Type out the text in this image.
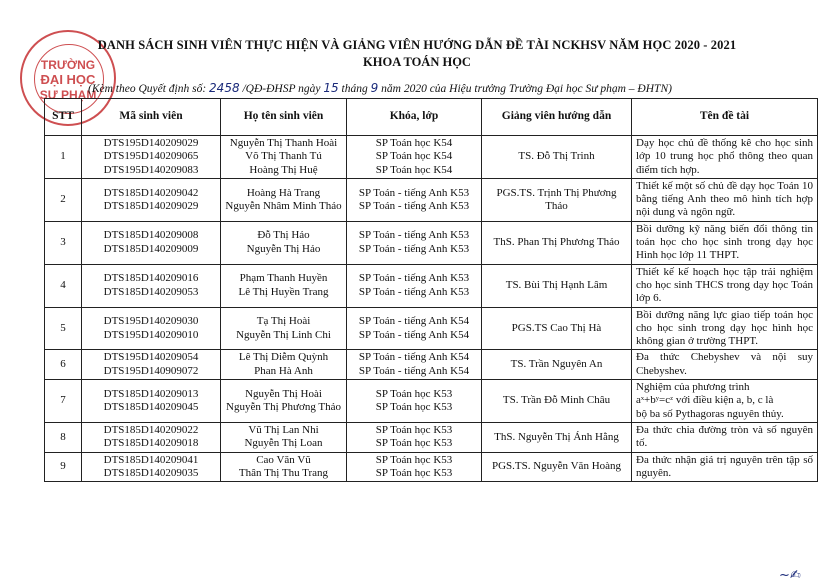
TRƯỜNG
ĐẠI HỌC
SƯ PHẠM
DANH SÁCH SINH VIÊN THỰC HIỆN VÀ GIẢNG VIÊN HƯỚNG DẪN ĐỀ TÀI NCKHSV NĂM HỌC 2020 - 2021
KHOA TOÁN HỌC
(Kèm theo Quyết định số: 2458 /QĐ-ĐHSP ngày 15 tháng 9 năm 2020 của Hiệu trưởng Trường Đại học Sư phạm – ĐHTN)
STT	Mã sinh viên	Họ tên sinh viên	Khóa, lớp	Giảng viên hướng dẫn	Tên đề tài
1	DTS195D140209029
DTS195D140209065
DTS195D140209083	Nguyễn Thị Thanh Hoài
Võ Thị Thanh Tú
Hoàng Thị Huệ	SP Toán học K54
SP Toán học K54
SP Toán học K54	TS. Đỗ Thị Trinh	Dạy học chủ đề thống kê cho học sinh lớp 10 trung học phổ thông theo quan điểm tích hợp.
2	DTS185D140209042
DTS185D140209029	Hoàng Hà Trang
Nguyễn Nhâm Minh Thảo	SP Toán - tiếng Anh K53
SP Toán - tiếng Anh K53	PGS.TS. Trịnh Thị Phương Thảo	Thiết kế một số chủ đề dạy học Toán 10 bằng tiếng Anh theo mô hình tích hợp nội dung và ngôn ngữ.
3	DTS185D140209008
DTS185D140209009	Đỗ Thị Hảo
Nguyễn Thị Hảo	SP Toán - tiếng Anh K53
SP Toán - tiếng Anh K53	ThS. Phan Thị Phương Thảo	Bồi dưỡng kỹ năng biến đổi thông tin toán học cho học sinh trong dạy học Hình học lớp 11 THPT.
4	DTS185D140209016
DTS185D140209053	Phạm Thanh Huyền
Lê Thị Huyền Trang	SP Toán - tiếng Anh K53
SP Toán - tiếng Anh K53	TS. Bùi Thị Hạnh Lâm	Thiết kế kế hoạch học tập trải nghiệm cho học sinh THCS trong dạy học Toán lớp 6.
5	DTS195D140209030
DTS195D140209010	Tạ Thị Hoài
Nguyễn Thị Linh Chi	SP Toán - tiếng Anh K54
SP Toán - tiếng Anh K54	PGS.TS Cao Thị Hà	Bồi dưỡng năng lực giao tiếp toán học cho học sinh trong dạy học hình học không gian ở trường THPT.
6	DTS195D140209054
DTS195D140909072	Lê Thị Diễm Quỳnh
Phan Hà Anh	SP Toán - tiếng Anh K54
SP Toán - tiếng Anh K54	TS. Trần Nguyên An	Đa thức Chebyshev và nội suy Chebyshev.
7	DTS185D140209013
DTS185D140209045	Nguyễn Thị Hoài
Nguyễn Thị Phương Thảo	SP Toán học K53
SP Toán học K53	TS. Trần Đỗ Minh Châu	Nghiệm của phương trình
aˣ+bʸ=cᶻ với điều kiện a, b, c là
bộ ba số Pythagoras nguyên thủy.

8	DTS185D140209022
DTS185D140209018	Vũ Thị Lan Nhi
Nguyễn Thị Loan	SP Toán học K53
SP Toán học K53	ThS. Nguyễn Thị Ánh Hằng	Đa thức chia đường tròn và số nguyên tố.
9	DTS185D140209041
DTS185D140209035	Cao Văn Vũ
Thân Thị Thu Trang	SP Toán học K53
SP Toán học K53	PGS.TS. Nguyễn Văn Hoàng	Đa thức nhận giá trị nguyên trên tập số nguyên.
~✍
